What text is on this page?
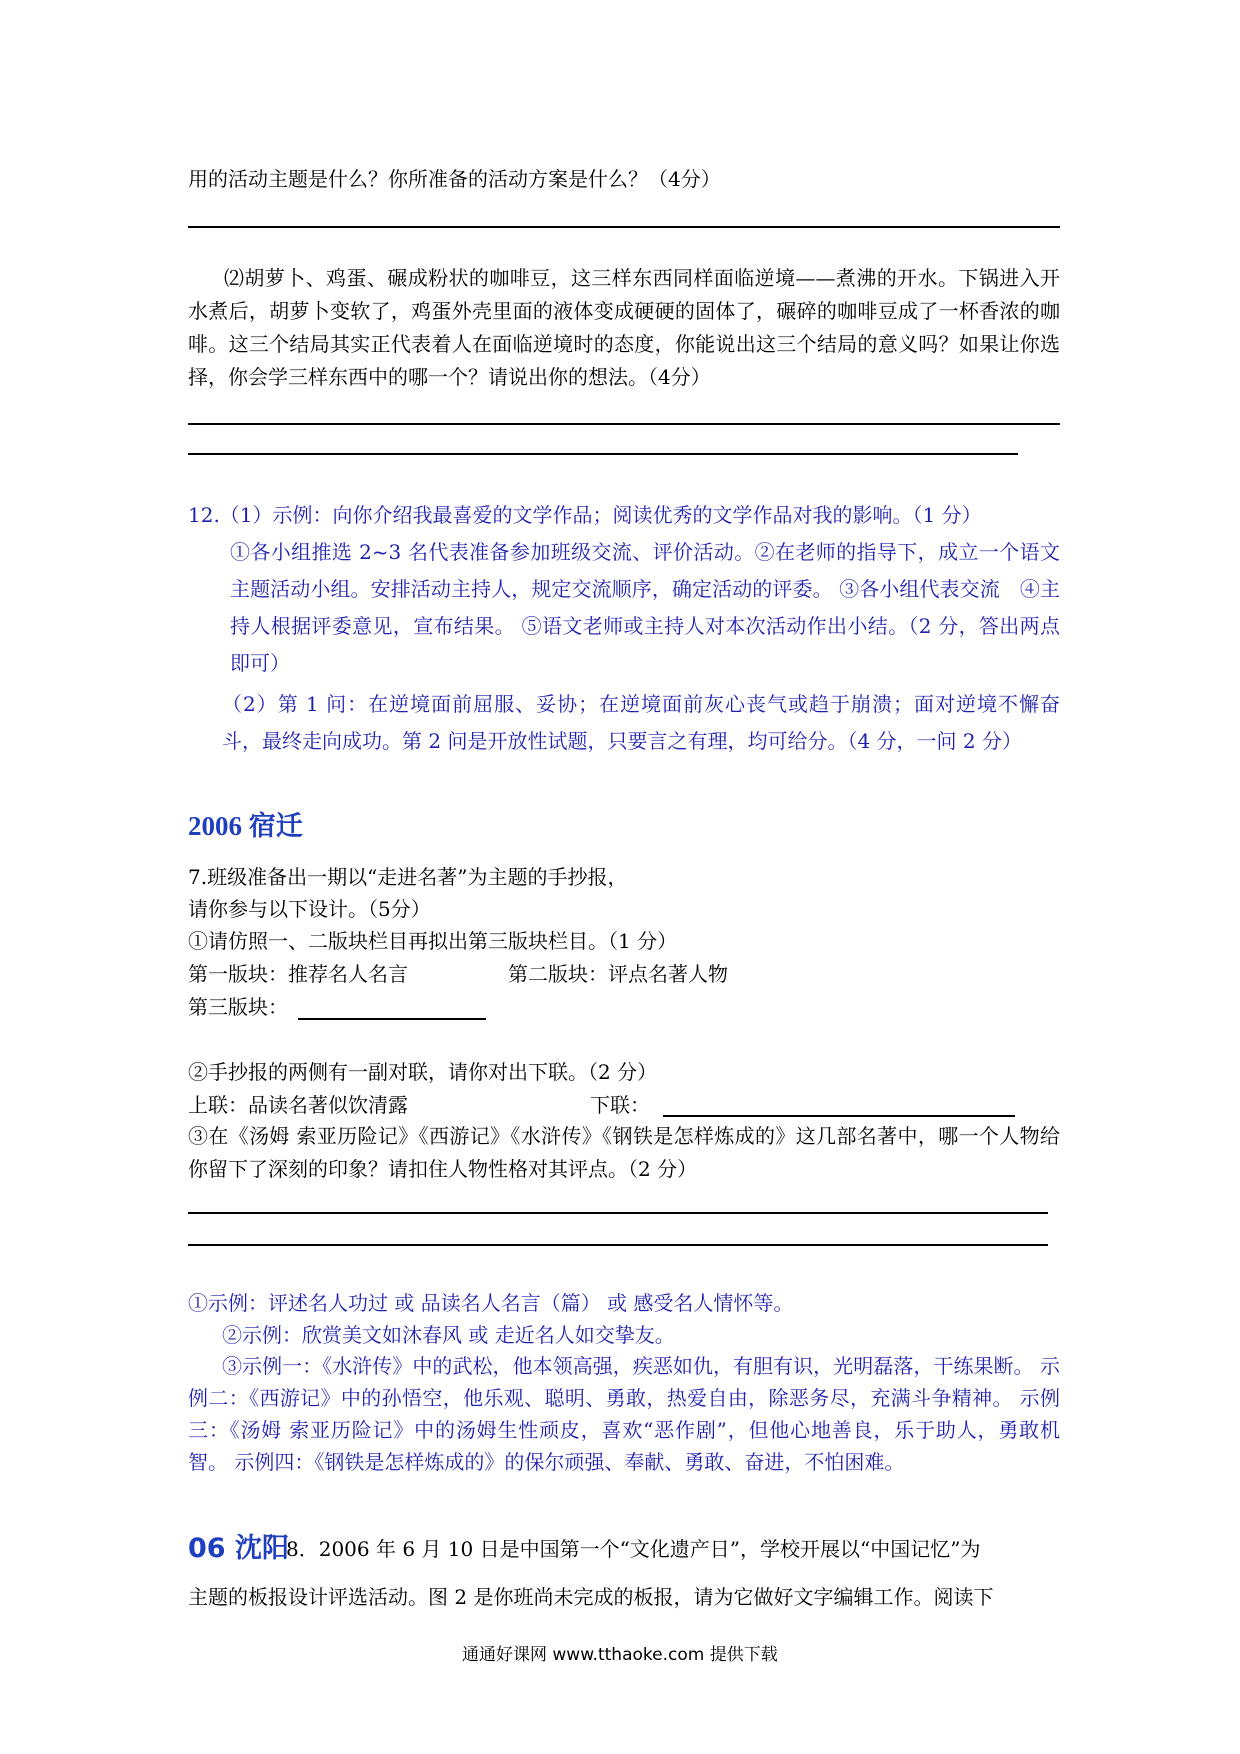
用的活动主题是什么？你所准备的活动方案是什么？（4分）
⑵胡萝卜、鸡蛋、碾成粉状的咖啡豆，这三样东西同样面临逆境——煮沸的开水。下锅进入开水煮后，胡萝卜变软了，鸡蛋外壳里面的液体变成硬硬的固体了，碾碎的咖啡豆成了一杯香浓的咖啡。这三个结局其实正代表着人在面临逆境时的态度，你能说出这三个结局的意义吗？如果让你选择，你会学三样东西中的哪一个？请说出你的想法。（4分）
12.（1）示例：向你介绍我最喜爱的文学作品；阅读优秀的文学作品对我的影响。（1 分）
①各小组推选 2~3 名代表准备参加班级交流、评价活动。②在老师的指导下，成立一个语文主题活动小组。安排活动主持人，规定交流顺序，确定活动的评委。 ③各小组代表交流　④主持人根据评委意见，宣布结果。 ⑤语文老师或主持人对本次活动作出小结。（2 分，答出两点即可）
（2）第 1 问：在逆境面前屈服、妥协；在逆境面前灰心丧气或趋于崩溃；面对逆境不懈奋斗，最终走向成功。第 2 问是开放性试题，只要言之有理，均可给分。（4 分，一问 2 分）
2006 宿迁
7.班级准备出一期以“走进名著”为主题的手抄报，
请你参与以下设计。（5分）
①请仿照一、二版块栏目再拟出第三版块栏目。（1 分）
第一版块：推荐名人名言	第二版块：评点名著人物
第三版块：
②手抄报的两侧有一副对联，请你对出下联。（2 分）
上联：品读名著似饮清露	下联：
③在《汤姆 索亚历险记》《西游记》《水浒传》《钢铁是怎样炼成的》这几部名著中，哪一个人物给你留下了深刻的印象？请扣住人物性格对其评点。（2 分）
①示例：评述名人功过 或 品读名人名言（篇） 或 感受名人情怀等。
②示例：欣赏美文如沐春风 或 走近名人如交挚友。
③示例一：《水浒传》中的武松，他本领高强，疾恶如仇，有胆有识，光明磊落，干练果断。 示例二：《西游记》中的孙悟空，他乐观、聪明、勇敢，热爱自由，除恶务尽，充满斗争精神。 示例三：《汤姆 索亚历险记》中的汤姆生性顽皮，喜欢“恶作剧”，但他心地善良，乐于助人，勇敢机智。 示例四：《钢铁是怎样炼成的》的保尔顽强、奉献、勇敢、奋进，不怕困难。
06 沈阳
8．2006 年 6 月 10 日是中国第一个“文化遗产日”，学校开展以“中国记忆”为
主题的板报设计评选活动。图 2 是你班尚未完成的板报，请为它做好文字编辑工作。阅读下
通通好课网 www.tthaoke.com 提供下载
